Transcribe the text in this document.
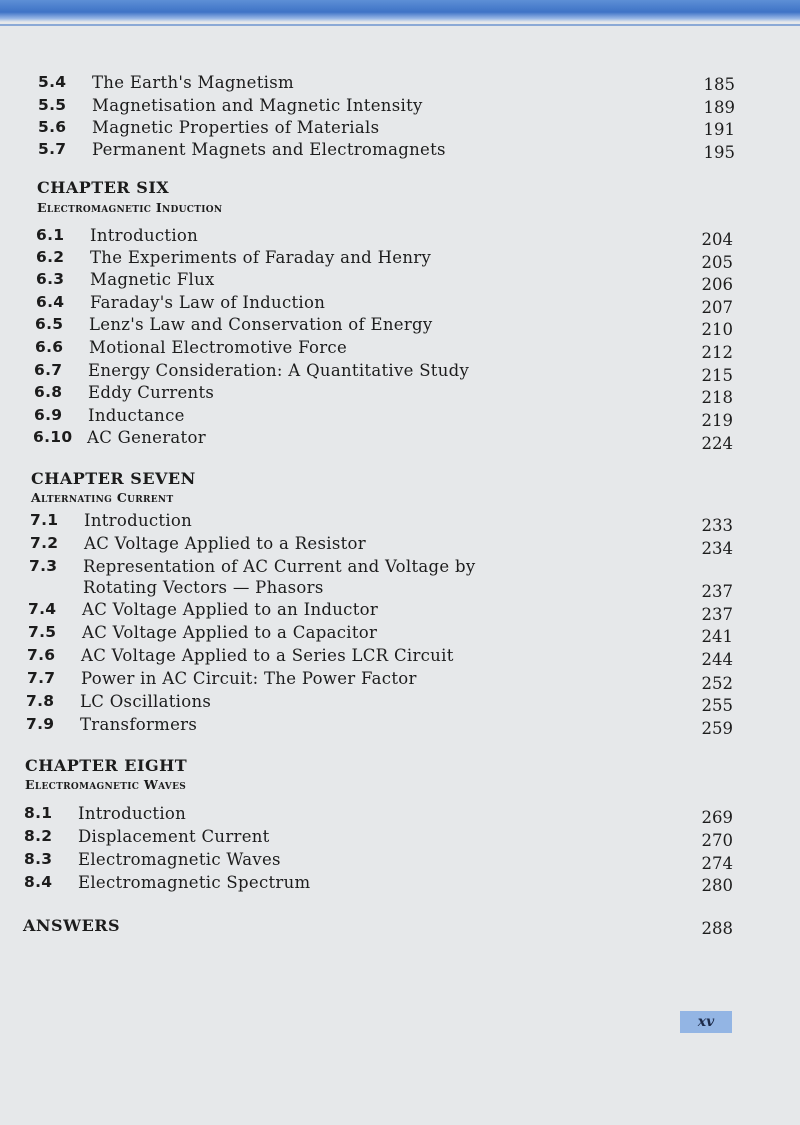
5.4 The Earth's Magnetism	185
5.5 Magnetisation and Magnetic Intensity	189
5.6 Magnetic Properties of Materials	191
5.7 Permanent Magnets and Electromagnets	195
CHAPTER SIX
Electromagnetic Induction
6.1 Introduction	204
6.2 The Experiments of Faraday and Henry	205
6.3 Magnetic Flux	206
6.4 Faraday's Law of Induction	207
6.5 Lenz's Law and Conservation of Energy	210
6.6 Motional Electromotive Force	212
6.7 Energy Consideration: A Quantitative Study	215
6.8 Eddy Currents	218
6.9 Inductance	219
6.10 AC Generator	224
CHAPTER SEVEN
Alternating Current
7.1 Introduction	233
7.2 AC Voltage Applied to a Resistor	234
7.3 Representation of AC Current and Voltage by
Rotating Vectors — Phasors	237
7.4 AC Voltage Applied to an Inductor	237
7.5 AC Voltage Applied to a Capacitor	241
7.6 AC Voltage Applied to a Series LCR Circuit	244
7.7 Power in AC Circuit: The Power Factor	252
7.8 LC Oscillations	255
7.9 Transformers	259
CHAPTER EIGHT
Electromagnetic Waves
8.1 Introduction	269
8.2 Displacement Current	270
8.3 Electromagnetic Waves	274
8.4 Electromagnetic Spectrum	280
ANSWERS	288
xv
